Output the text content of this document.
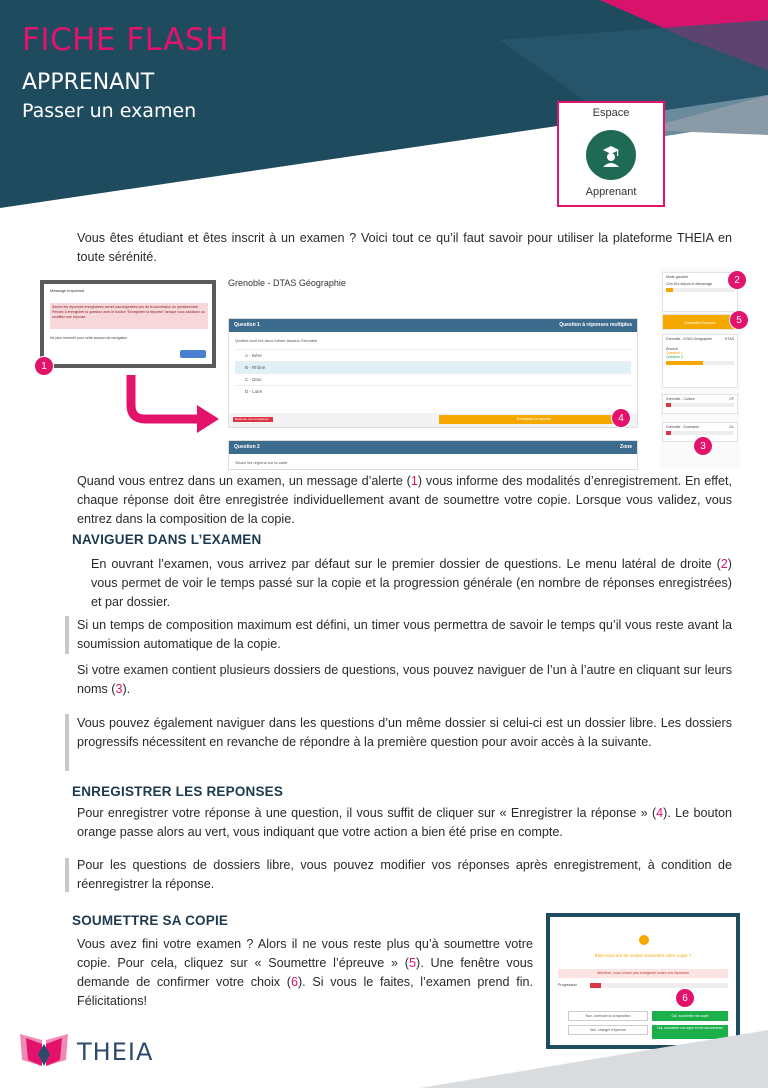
FICHE FLASH
APPRENANT
Passer un examen	Espace
Apprenant
Vous êtes étudiant et êtes inscrit à un examen ? Voici tout ce qu’il faut savoir pour utiliser la plateforme THEIA en toute sérénité.
Message important
Seules les réponses enregistrées seront sauvegardées lors de la soumission du questionnaire. Pensez à enregistrer la question avec le bouton "Enregistrer la réponse" lorsque vous saisissez ou modifiez une réponse.
Ne plus m'avertir pour cette session de navigation
Grenoble - DTAS Géographie
Question 1	Question à réponses multiples
Quelles sont les deux même travaux Grenoble
A - Isère
B - Rhône
C - Drac
D - Loire
Réponse non enregistrée	Enregistrer la réponse
Question 2	Zone
Situez les régions sur la carte
Mode gaucher
12m 51s depuis le démarrage
Soumettre l'épreuve
Grenoble - DTAS Géographie	DTAS
Énoncé
Question 1
Question 2
Grenoble - Culture	CP
Grenoble - Economie	DL
1
2
3
4
5
Quand vous entrez dans un examen, un message d’alerte (1) vous informe des modalités d’enregistrement. En effet, chaque réponse doit être enregistrée individuellement avant de soumettre votre copie. Lorsque vous validez, vous entrez dans la composition de la copie.
NAVIGUER DANS L’EXAMEN
En ouvrant l’examen, vous arrivez par défaut sur le premier dossier de questions. Le menu latéral de droite (2) vous permet de voir le temps passé sur la copie et la progression générale (en nombre de réponses enregistrées) et par dossier.
Si un temps de composition maximum est défini, un timer vous permettra de savoir le temps qu’il vous reste avant la soumission automatique de la copie.
Si votre examen contient plusieurs dossiers de questions, vous pouvez naviguer de l’un à l’autre en cliquant sur leurs noms (3).
Vous pouvez également naviguer dans les questions d’un même dossier si celui-ci est un dossier libre. Les dossiers progressifs nécessitent en revanche de répondre à la première question pour avoir accès à la suivante.
ENREGISTRER LES REPONSES
Pour enregistrer votre réponse à une question, il vous suffit de cliquer sur « Enregistrer la réponse » (4). Le bouton orange passe alors au vert, vous indiquant que votre action a bien été prise en compte.
Pour les questions de dossiers libre, vous pouvez modifier vos réponses après enregistrement, à condition de réenregistrer la réponse.
SOUMETTRE SA COPIE
Vous avez fini votre examen ? Alors il ne vous reste plus qu’à soumettre votre copie. Pour cela, cliquez sur « Soumettre l’épreuve » (5). Une fenêtre vous demande de confirmer votre choix (6). Si vous le faites, l’examen prend fin. Félicitations!
Êtes-vous sûr de vouloir soumettre votre copie ?
Attention, vous n'avez pas enregistré toutes vos réponses
Progression
Non, continuer la composition
Non, changer d'épreuve
Oui, soumettre ma copie
Oui, soumettre ma copie et me déconnecter
6
THEIA
